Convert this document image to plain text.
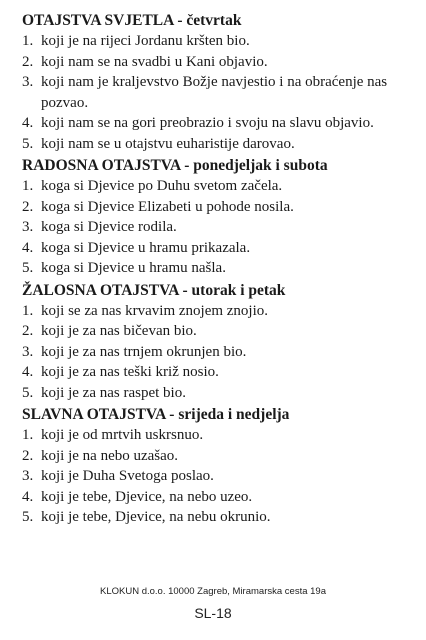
OTAJSTVA SVJETLA - četvrtak
1. koji je na rijeci Jordanu kršten bio.
2. koji nam se na svadbi u Kani objavio.
3. koji nam je kraljevstvo Božje navjestio i na obraćenje nas pozvao.
4. koji nam se na gori preobrazio i svoju na slavu objavio.
5. koji nam se u otajstvu euharistije darovao.
RADOSNA OTAJSTVA - ponedjeljak i subota
1. koga si Djevice po Duhu svetom začela.
2. koga si Djevice Elizabeti u pohode nosila.
3. koga si Djevice rodila.
4. koga si Djevice u hramu prikazala.
5. koga si Djevice u hramu našla.
ŽALOSNA OTAJSTVA - utorak i petak
1. koji se za nas krvavim znojem znojio.
2. koji je za nas bičevan bio.
3. koji je za nas trnjem okrunjen bio.
4. koji je za nas teški križ nosio.
5. koji je za nas raspet bio.
SLAVNA OTAJSTVA - srijeda i nedjelja
1. koji je od mrtvih uskrsnuo.
2. koji je na nebo uzašao.
3. koji je Duha Svetoga poslao.
4. koji je tebe, Djevice, na nebo uzeo.
5. koji je tebe, Djevice, na nebu okrunio.
KLOKUN d.o.o. 10000 Zagreb, Miramarska cesta 19a
SL-18
